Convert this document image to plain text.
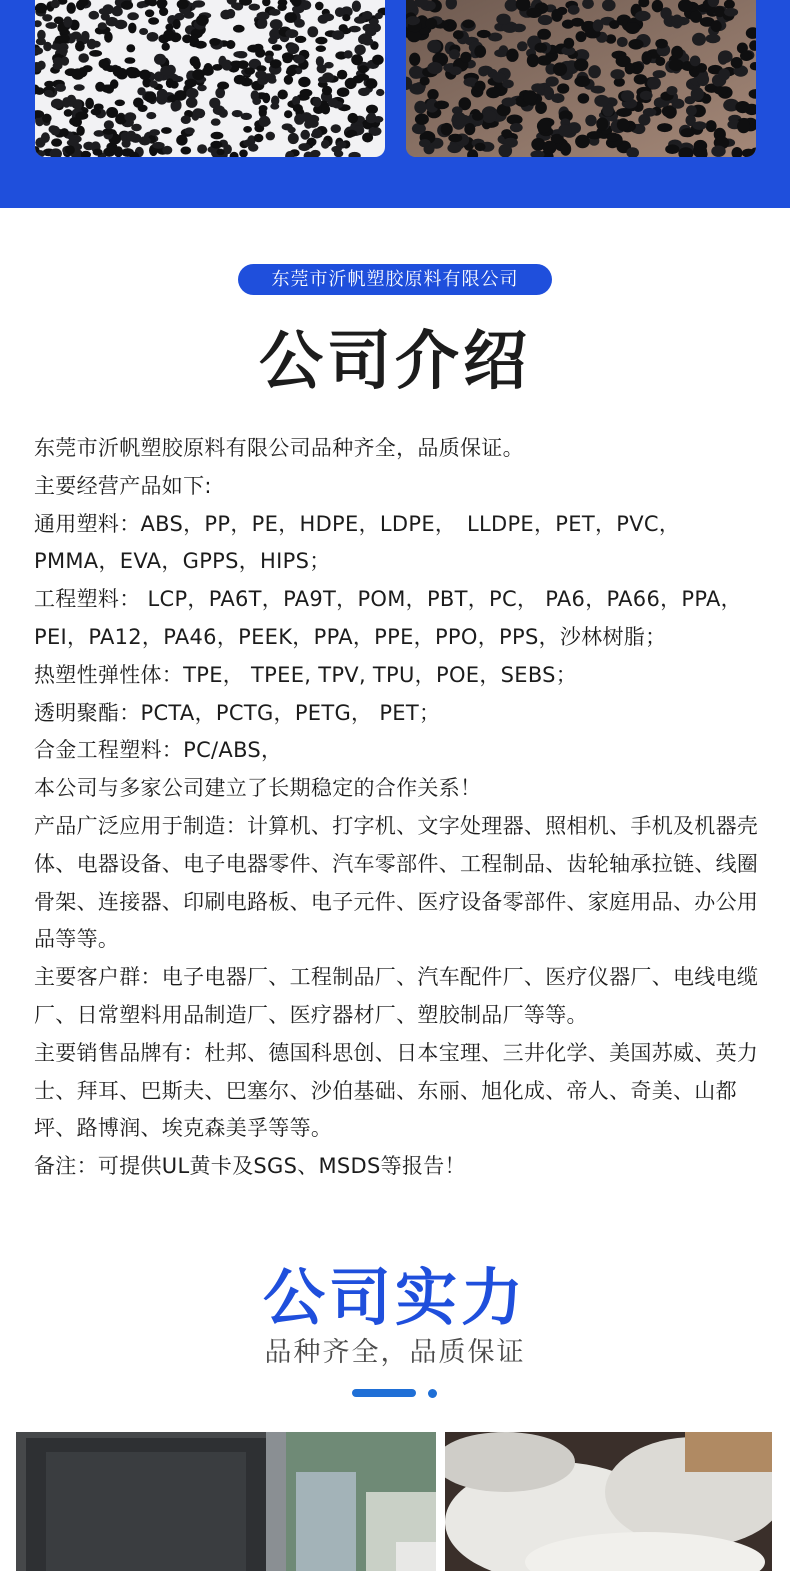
东莞市沂帆塑胶原料有限公司
公司介绍

东莞市沂帆塑胶原料有限公司品种齐全，品质保证。

主要经营产品如下:

通用塑料：ABS，PP，PE，HDPE，LDPE，　LLDPE，PET，PVC，PMMA，EVA，GPPS，HIPS；

工程塑料： LCP，PA6T，PA9T，POM，PBT，PC， PA6，PA66，PPA，PEI，PA12，PA46，PEEK，PPA，PPE，PPO，PPS，沙林树脂；

热塑性弹性体：TPE， TPEE, TPV, TPU，POE，SEBS；

透明聚酯：PCTA，PCTG，PETG， PET；

合金工程塑料：PC/ABS，

本公司与多家公司建立了长期稳定的合作关系！

产品广泛应用于制造：计算机、打字机、文字处理器、照相机、手机及机器壳体、电器设备、电子电器零件、汽车零部件、工程制品、齿轮轴承拉链、线圈骨架、连接器、印刷电路板、电子元件、医疗设备零部件、家庭用品、办公用品等等。

主要客户群：电子电器厂、工程制品厂、汽车配件厂、医疗仪器厂、电线电缆厂、日常塑料用品制造厂、医疗器材厂、塑胶制品厂等等。

主要销售品牌有：杜邦、德国科思创、日本宝理、三井化学、美国苏威、英力士、拜耳、巴斯夫、巴塞尔、沙伯基础、东丽、旭化成、帝人、奇美、山都坪、路博润、埃克森美孚等等。

备注：可提供UL黄卡及SGS、MSDS等报告！

公司实力
品种齐全，品质保证
